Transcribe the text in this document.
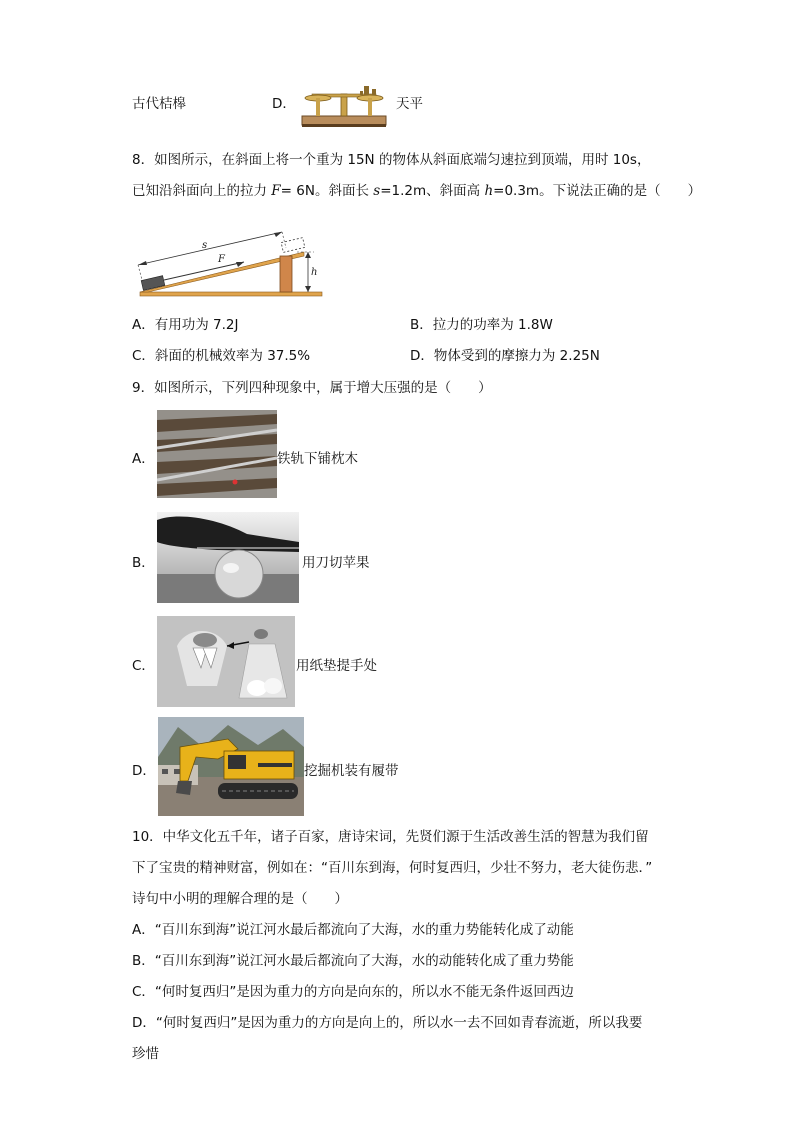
古代桔槔	D．	天平
8．如图所示，在斜面上将一个重为 15N 的物体从斜面底端匀速拉到顶端，用时 10s，
已知沿斜面向上的拉力 F= 6N。斜面长 s=1.2m、斜面高 h=0.3m。下说法正确的是（　　）
s
F
h
A．有用功为 7.2J	B．拉力的功率为 1.8W
C．斜面的机械效率为 37.5%	D．物体受到的摩擦力为 2.25N
9．如图所示，下列四种现象中，属于增大压强的是（　　）
A．	铁轨下铺枕木
B．	用刀切苹果
C．	用纸垫提手处
D．	挖掘机装有履带
10．中华文化五千年，诸子百家，唐诗宋词，先贤们源于生活改善生活的智慧为我们留
下了宝贵的精神财富，例如在：“百川东到海，何时复西归，少壮不努力，老大徒伤悲．”
诗句中小明的理解合理的是（　　）
A．“百川东到海”说江河水最后都流向了大海，水的重力势能转化成了动能
B．“百川东到海”说江河水最后都流向了大海，水的动能转化成了重力势能
C．“何时复西归”是因为重力的方向是向东的，所以水不能无条件返回西边
D．“何时复西归”是因为重力的方向是向上的，所以水一去不回如青春流逝，所以我要
珍惜
